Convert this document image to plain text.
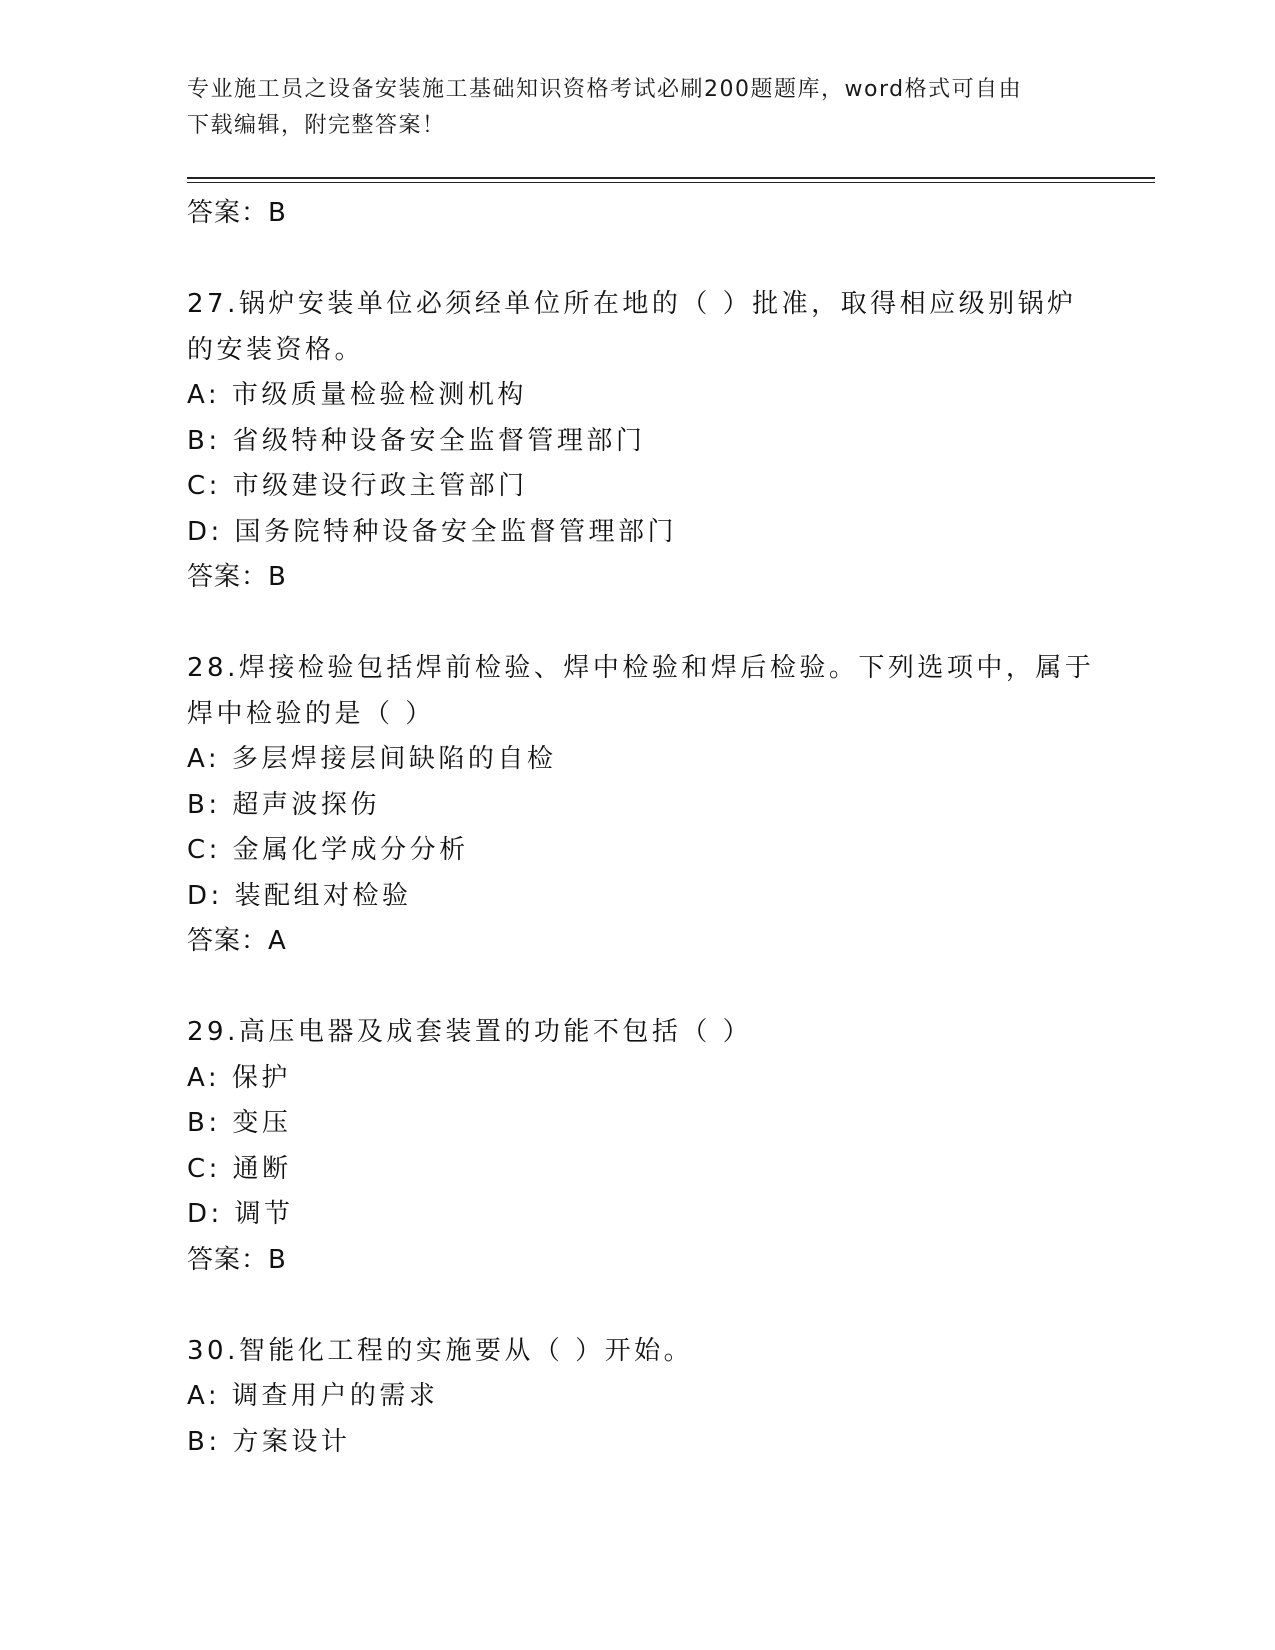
专业施工员之设备安装施工基础知识资格考试必刷200题题库，word格式可自由
下载编辑，附完整答案！
答案：B
27.锅炉安装单位必须经单位所在地的（ ）批准，取得相应级别锅炉
的安装资格。
A: 市级质量检验检测机构
B: 省级特种设备安全监督管理部门
C: 市级建设行政主管部门
D: 国务院特种设备安全监督管理部门
答案：B
28.焊接检验包括焊前检验、焊中检验和焊后检验。下列选项中，属于
焊中检验的是（ ）
A: 多层焊接层间缺陷的自检
B: 超声波探伤
C: 金属化学成分分析
D: 装配组对检验
答案：A
29.高压电器及成套装置的功能不包括（ ）
A: 保护
B: 变压
C: 通断
D: 调节
答案：B
30.智能化工程的实施要从（ ）开始。
A: 调查用户的需求
B: 方案设计
